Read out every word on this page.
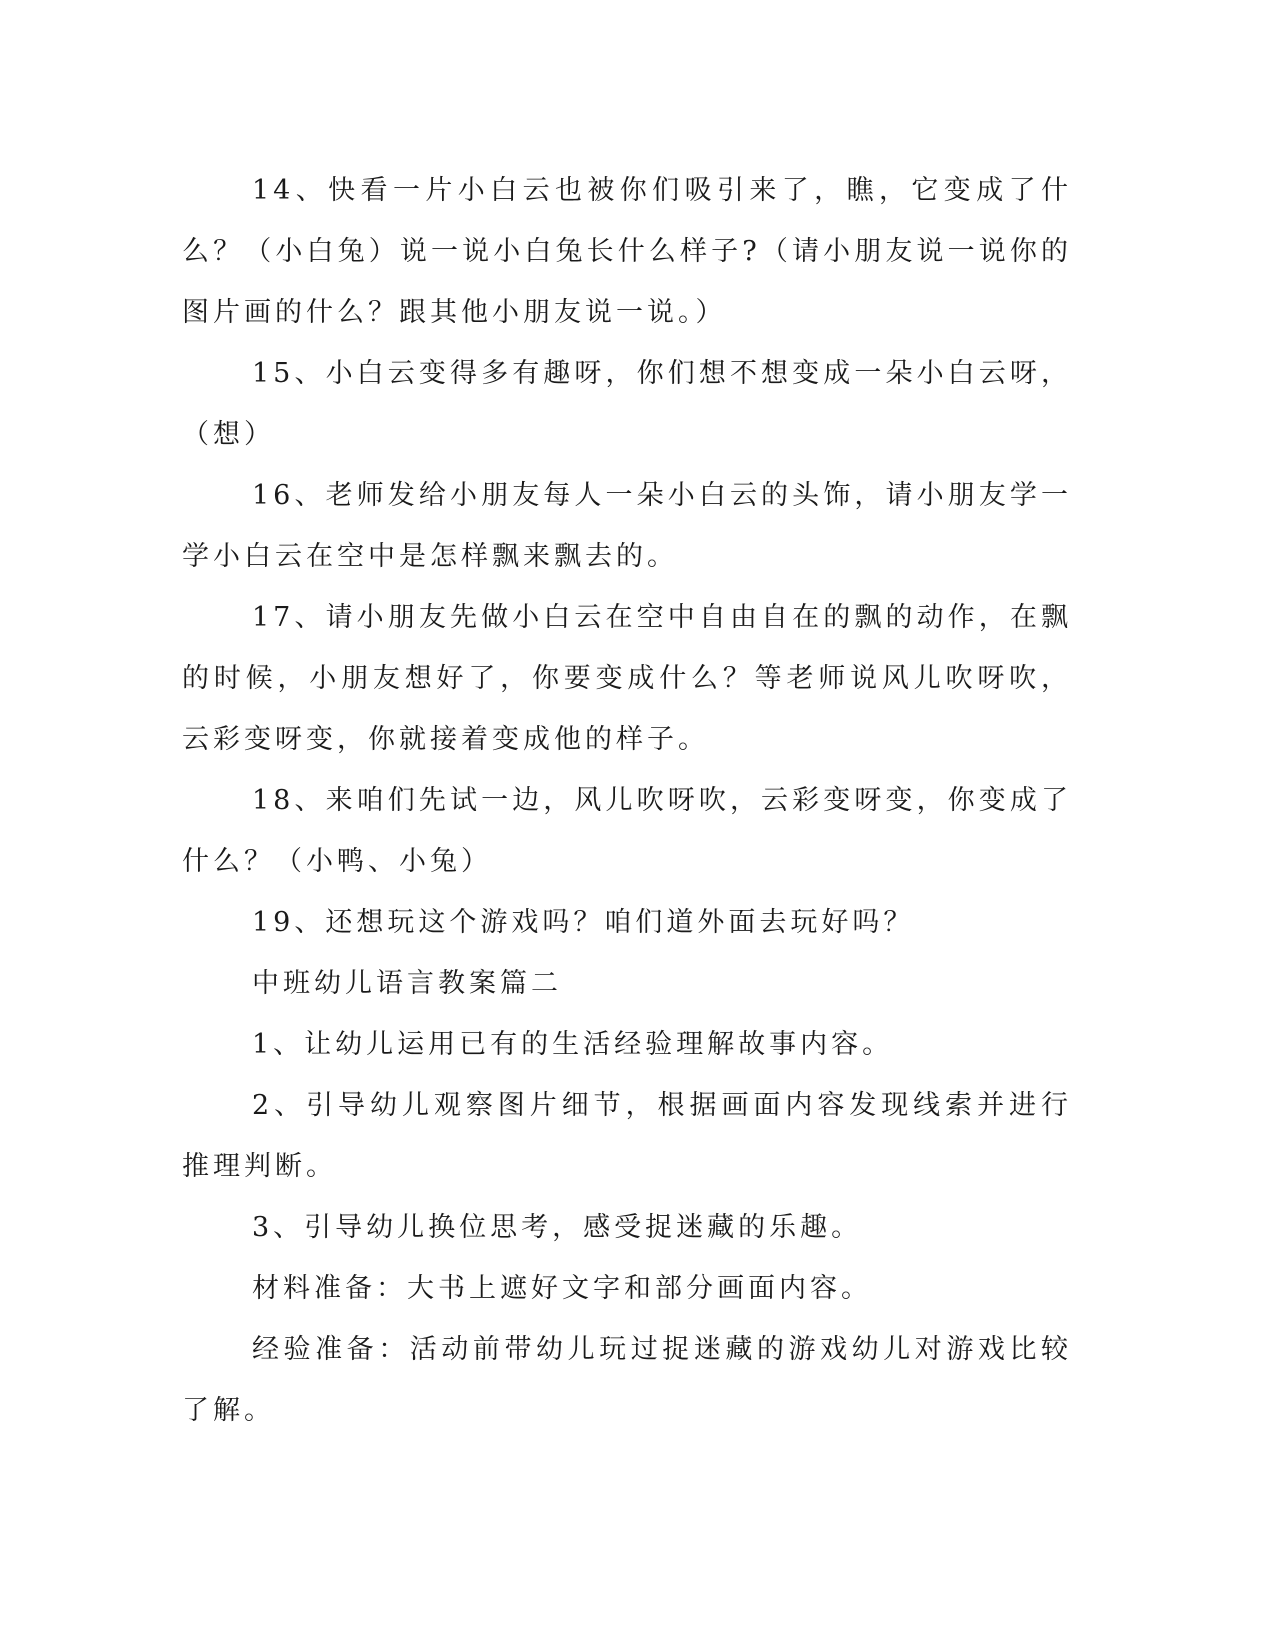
14、快看一片小白云也被你们吸引来了，瞧，它变成了什么？（小白兔）说一说小白兔长什么样子?（请小朋友说一说你的图片画的什么？跟其他小朋友说一说。）

15、小白云变得多有趣呀，你们想不想变成一朵小白云呀，（想）

16、老师发给小朋友每人一朵小白云的头饰，请小朋友学一学小白云在空中是怎样飘来飘去的。

17、请小朋友先做小白云在空中自由自在的飘的动作，在飘的时候，小朋友想好了，你要变成什么？等老师说风儿吹呀吹，云彩变呀变，你就接着变成他的样子。

18、来咱们先试一边，风儿吹呀吹，云彩变呀变，你变成了什么？（小鸭、小兔）

19、还想玩这个游戏吗？咱们道外面去玩好吗？

中班幼儿语言教案篇二

1、让幼儿运用已有的生活经验理解故事内容。

2、引导幼儿观察图片细节，根据画面内容发现线索并进行推理判断。

3、引导幼儿换位思考，感受捉迷藏的乐趣。

材料准备：大书上遮好文字和部分画面内容。

经验准备：活动前带幼儿玩过捉迷藏的游戏幼儿对游戏比较了解。
